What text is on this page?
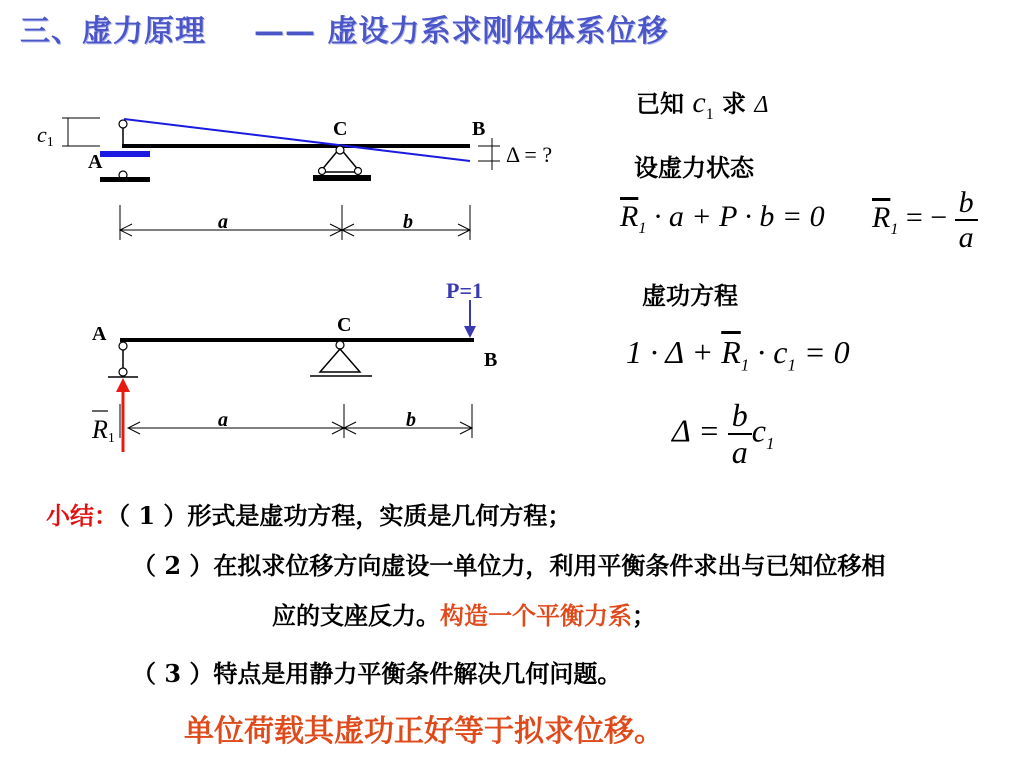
三、虚力原理 —— 虚设力系求刚体体系位移
c1
A
C	B
Δ = ?
a	b
A	C
B
P=1
R1
a	b
已知 $c_1$ 求 Δ
设虚力状态
$\overline{R}_1 \cdot a + P \cdot b = 0$ $\overline{R}_1$ = − $\frac{b}{a}$
虚功方程
$1 \cdot \Delta + \overline{R}_1 \cdot c_1 = 0$
$\Delta = \frac{b}{a} c_1$
小结：（ 1 ）形式是虚功方程，实质是几何方程；
（ 2 ）在拟求位移方向虚设一单位力，利用平衡条件求出与已知位移相
应的支座反力。构造一个平衡力系；
（ 3 ）特点是用静力平衡条件解决几何问题。
单位荷载其虚功正好等于拟求位移。
